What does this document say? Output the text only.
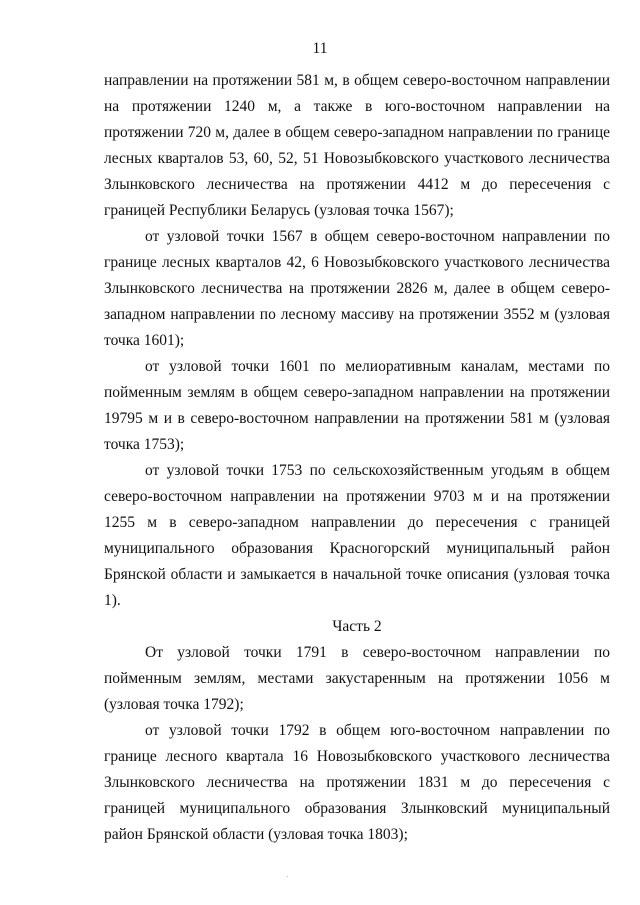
11

направлении на протяжении 581 м, в общем северо-восточном направлении на протяжении 1240 м, а также в юго-восточном направлении на протяжении 720 м, далее в общем северо-западном направлении по границе лесных кварталов 53, 60, 52, 51 Новозыбковского участкового лесничества Злынковского лесничества на протяжении 4412 м до пересечения с границей Республики Беларусь (узловая точка 1567);

от узловой точки 1567 в общем северо-восточном направлении по границе лесных кварталов 42, 6 Новозыбковского участкового лесничества Злынковского лесничества на протяжении 2826 м, далее в общем северо-западном направлении по лесному массиву на протяжении 3552 м (узловая точка 1601);

от узловой точки 1601 по мелиоративным каналам, местами по пойменным землям в общем северо-западном направлении на протяжении 19795 м и в северо-восточном направлении на протяжении 581 м (узловая точка 1753);

от узловой точки 1753 по сельскохозяйственным угодьям в общем северо-восточном направлении на протяжении 9703 м и на протяжении 1255 м в северо-западном направлении до пересечения с границей муниципального образования Красногорский муниципальный район Брянской области и замыкается в начальной точке описания (узловая точка 1).

Часть 2

От узловой точки 1791 в северо-восточном направлении по пойменным землям, местами закустаренным на протяжении 1056 м (узловая точка 1792);

от узловой точки 1792 в общем юго-восточном направлении по границе лесного квартала 16 Новозыбковского участкового лесничества Злынковского лесничества на протяжении 1831 м до пересечения с границей муниципального образования Злынковский муниципальный район Брянской области (узловая точка 1803);
